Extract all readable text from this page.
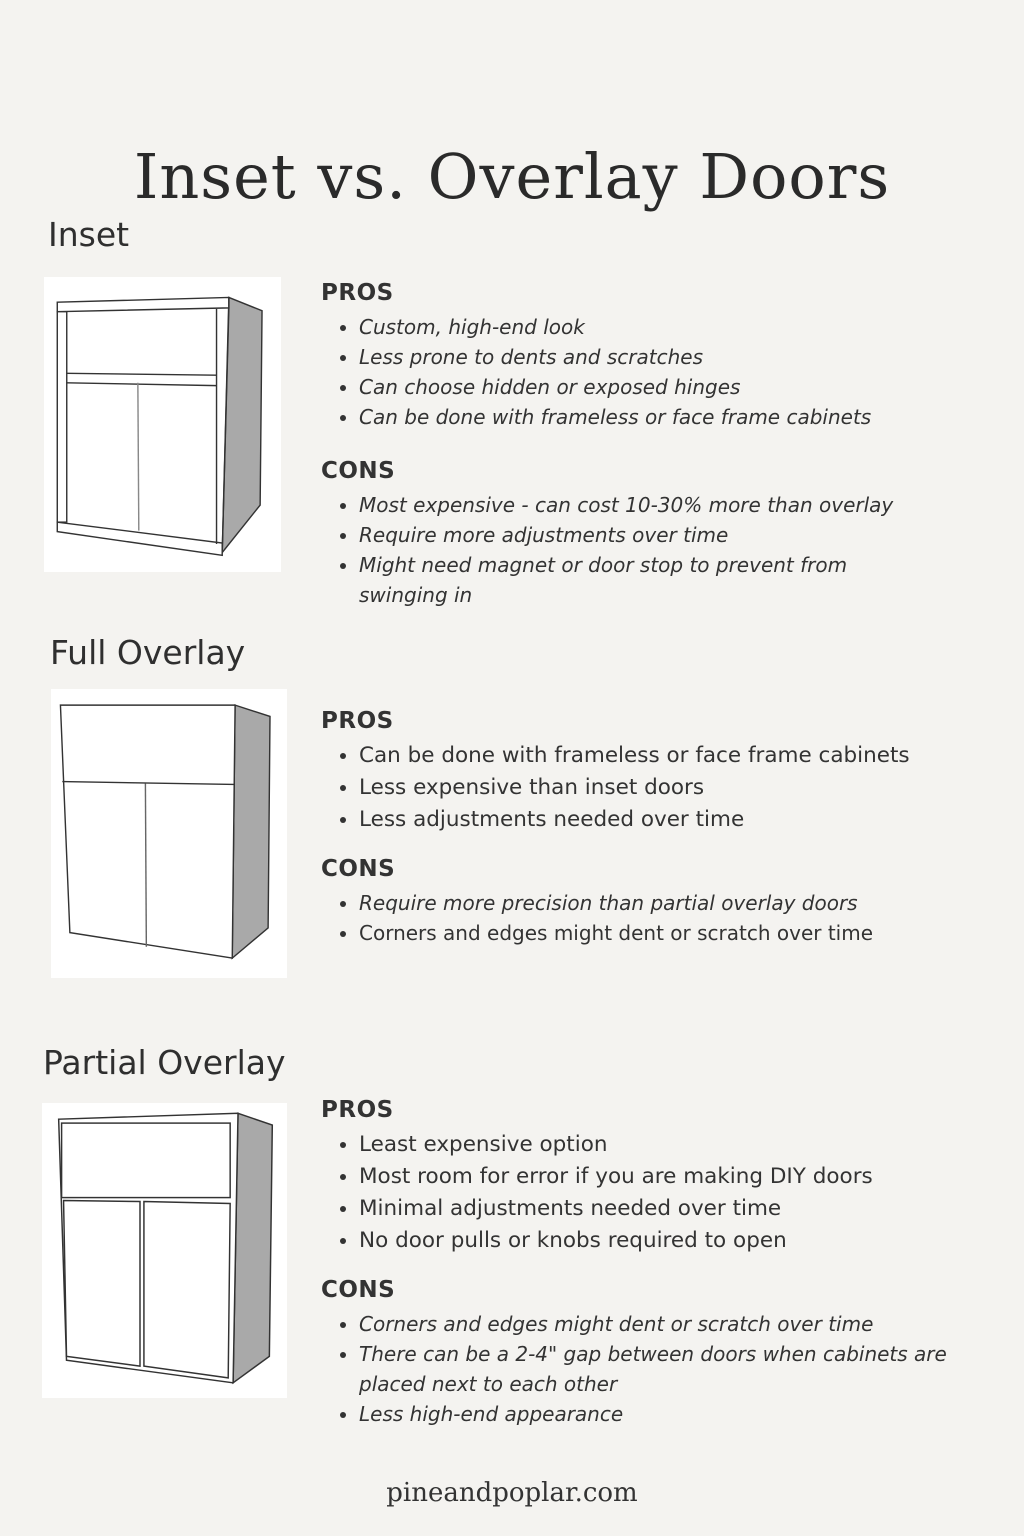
Inset vs. Overlay Doors
Inset
PROS
• Custom, high-end look
• Less prone to dents and scratches
• Can choose hidden or exposed hinges
• Can be done with frameless or face frame cabinets
CONS
• Most expensive - can cost 10-30% more than overlay
• Require more adjustments over time
• Might need magnet or door stop to prevent from swinging in
Full Overlay
PROS
• Can be done with frameless or face frame cabinets
• Less expensive than inset doors
• Less adjustments needed over time
CONS
• Require more precision than partial overlay doors
• Corners and edges might dent or scratch over time
Partial Overlay
PROS
• Least expensive option
• Most room for error if you are making DIY doors
• Minimal adjustments needed over time
• No door pulls or knobs required to open
CONS
• Corners and edges might dent or scratch over time
• There can be a 2-4" gap between doors when cabinets are placed next to each other
• Less high-end appearance
pineandpoplar.com
